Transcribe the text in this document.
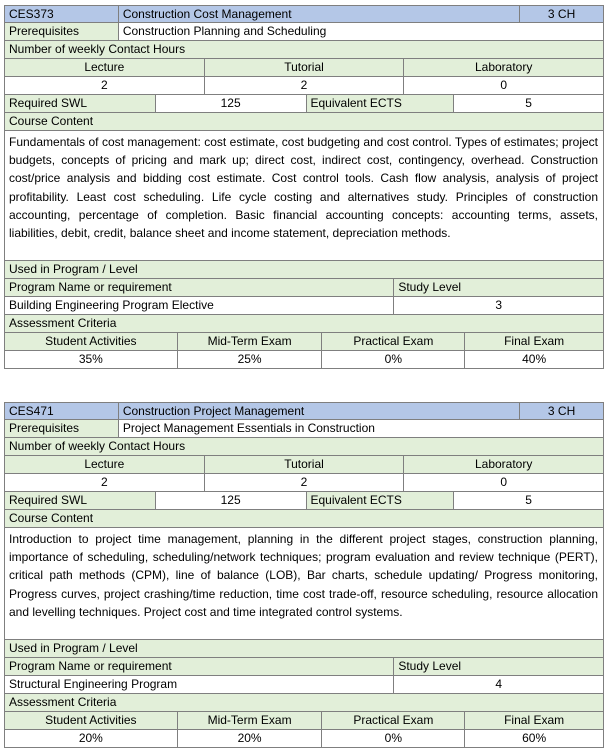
CES373	Construction Cost Management	3 CH
Prerequisites	Construction Planning and Scheduling
Number of weekly Contact Hours
Lecture	Tutorial	Laboratory
2	2	0
Required SWL	125	Equivalent ECTS	5
Course Content
Fundamentals of cost management: cost estimate, cost budgeting and cost control. Types of estimates; project budgets, concepts of pricing and mark up; direct cost, indirect cost, contingency, overhead. Construction cost/price analysis and bidding cost estimate. Cost control tools. Cash flow analysis, analysis of project profitability. Least cost scheduling. Life cycle costing and alternatives study. Principles of construction accounting, percentage of completion. Basic financial accounting concepts: accounting terms, assets, liabilities, debit, credit, balance sheet and income statement, depreciation methods.
Used in Program / Level
Program Name or requirement	Study Level
Building Engineering Program Elective	3
Assessment Criteria
Student Activities	Mid-Term Exam	Practical Exam	Final Exam
35%	25%	0%	40%
CES471	Construction Project Management	3 CH
Prerequisites	Project Management Essentials in Construction
Number of weekly Contact Hours
Lecture	Tutorial	Laboratory
2	2	0
Required SWL	125	Equivalent ECTS	5
Course Content
Introduction to project time management, planning in the different project stages, construction planning, importance of scheduling, scheduling/network techniques; program evaluation and review technique (PERT), critical path methods (CPM), line of balance (LOB), Bar charts, schedule updating/ Progress monitoring, Progress curves, project crashing/time reduction, time cost trade-off, resource scheduling, resource allocation and levelling techniques. Project cost and time integrated control systems.
Used in Program / Level
Program Name or requirement	Study Level
Structural Engineering Program	4
Assessment Criteria
Student Activities	Mid-Term Exam	Practical Exam	Final Exam
20%	20%	0%	60%
